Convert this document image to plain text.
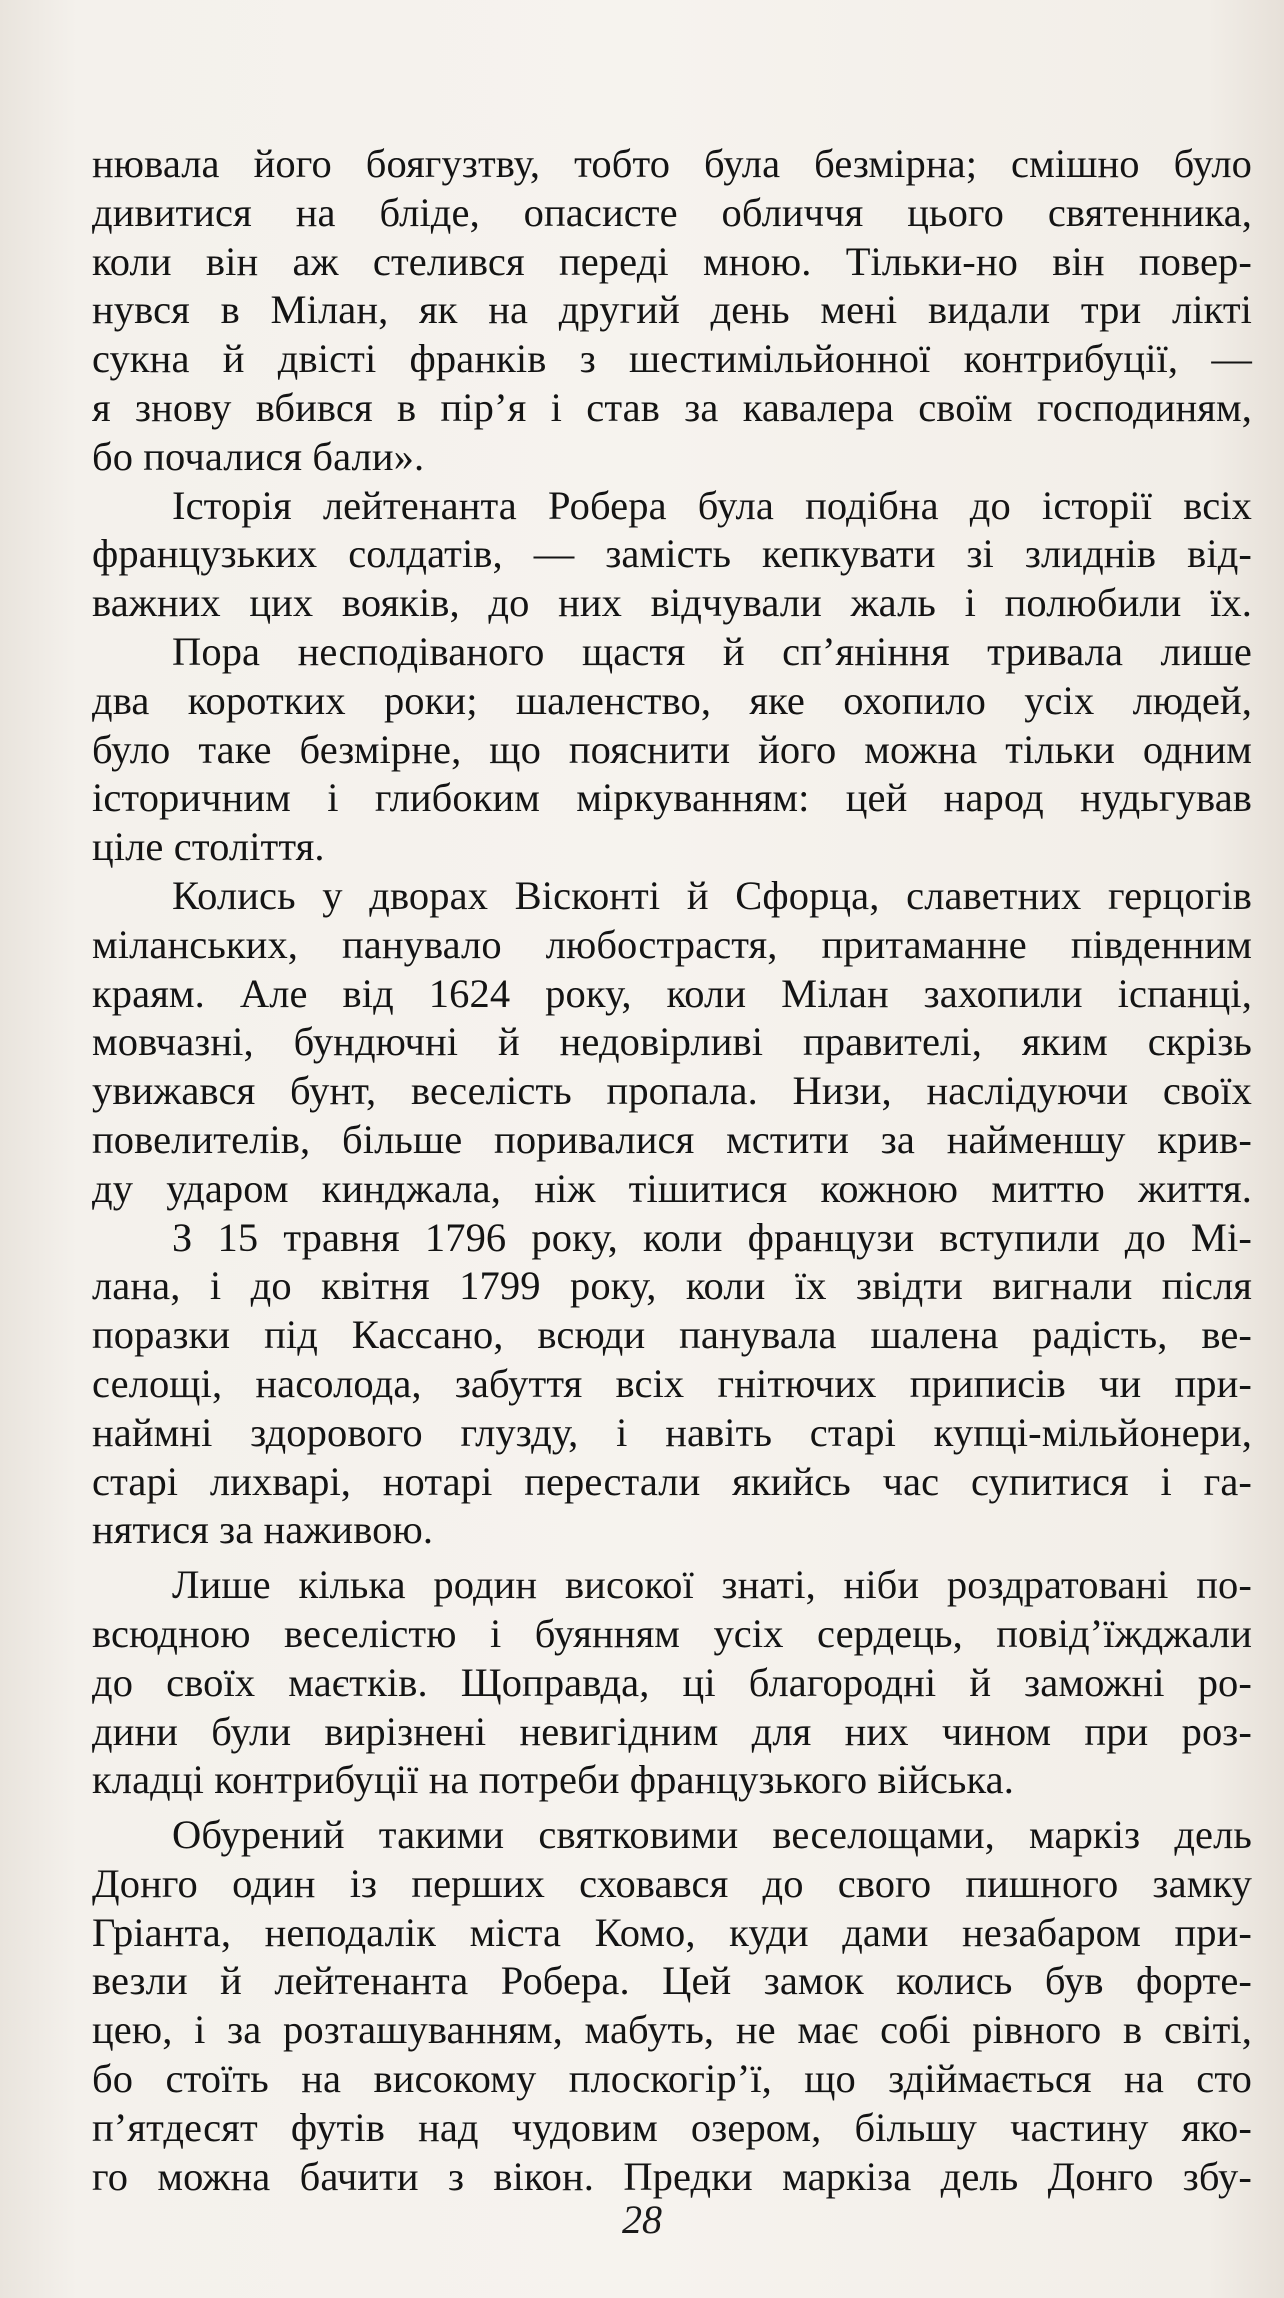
нювала його боягузтву, тобто була безмірна; смішно було
дивитися на бліде, опасисте обличчя цього святенника,
коли він аж стелився переді мною. Тільки-но він повер-
нувся в Мілан, як на другий день мені видали три лікті
сукна й двісті франків з шестимільйонної контрибуції, —
я знову вбився в пір’я і став за кавалера своїм господиням,
бо почалися бали».
Історія лейтенанта Робера була подібна до історії всіх
французьких солдатів, — замість кепкувати зі злиднів від-
важних цих вояків, до них відчували жаль і полюбили їх.
Пора несподіваного щастя й сп’яніння тривала лише
два коротких роки; шаленство, яке охопило усіх людей,
було таке безмірне, що пояснити його можна тільки одним
історичним і глибоким міркуванням: цей народ нудьгував
ціле століття.
Колись у дворах Вісконті й Сфорца, славетних герцогів
міланських, панувало любострастя, притаманне південним
краям. Але від 1624 року, коли Мілан захопили іспанці,
мовчазні, бундючні й недовірливі правителі, яким скрізь
увижався бунт, веселість пропала. Низи, наслідуючи своїх
повелителів, більше поривалися мстити за найменшу крив-
ду ударом кинджала, ніж тішитися кожною миттю життя.
З 15 травня 1796 року, коли французи вступили до Мі-
лана, і до квітня 1799 року, коли їх звідти вигнали після
поразки під Кассано, всюди панувала шалена радість, ве-
селощі, насолода, забуття всіх гнітючих приписів чи при-
наймні здорового глузду, і навіть старі купці-мільйонери,
старі лихварі, нотарі перестали якийсь час супитися і га-
нятися за наживою.
Лише кілька родин високої знаті, ніби роздратовані по-
всюдною веселістю і буянням усіх сердець, повід’їжджали
до своїх маєтків. Щоправда, ці благородні й заможні ро-
дини були вирізнені невигідним для них чином при роз-
кладці контрибуції на потреби французького війська.
Обурений такими святковими веселощами, маркіз дель
Донго один із перших сховався до свого пишного замку
Гріанта, неподалік міста Комо, куди дами незабаром при-
везли й лейтенанта Робера. Цей замок колись був форте-
цею, і за розташуванням, мабуть, не має собі рівного в світі,
бо стоїть на високому плоскогір’ї, що здіймається на сто
п’ятдесят футів над чудовим озером, більшу частину яко-
го можна бачити з вікон. Предки маркіза дель Донго збу-
28
